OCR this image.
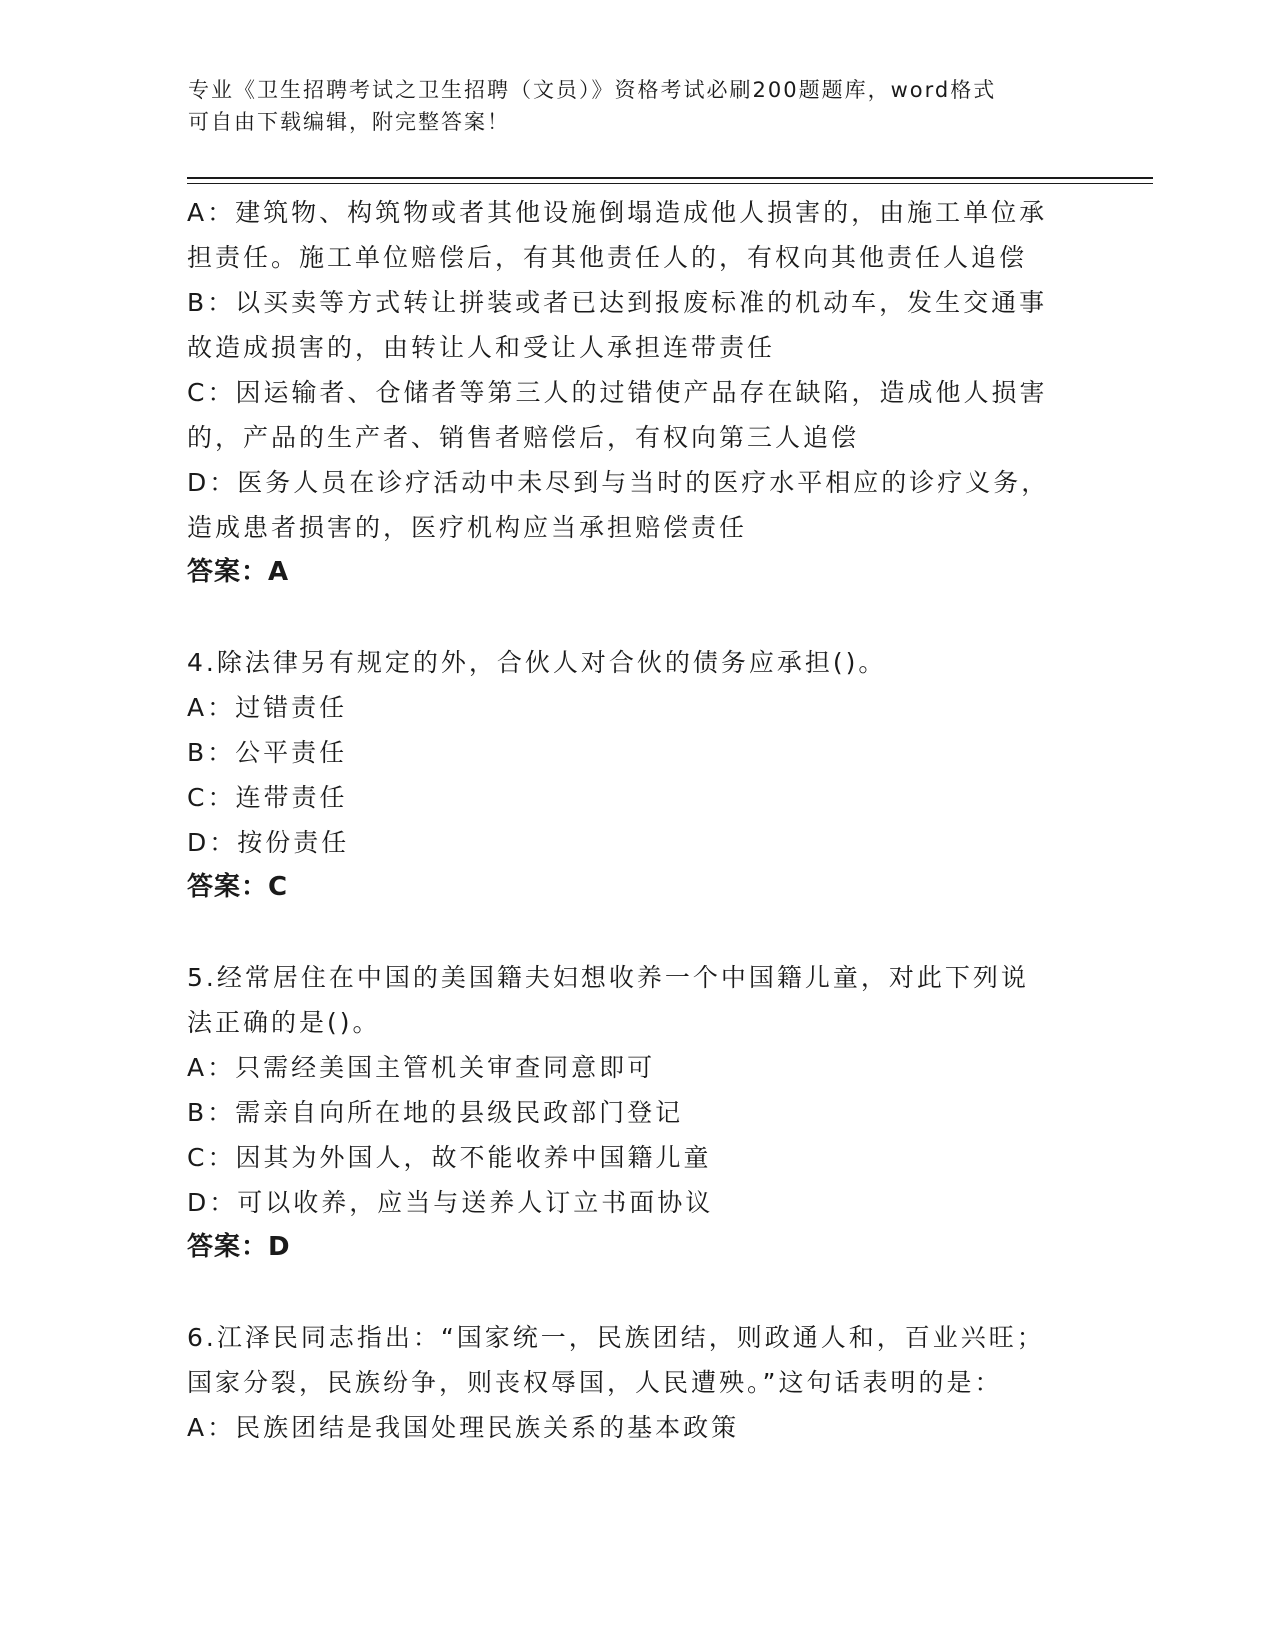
专业《卫生招聘考试之卫生招聘（文员）》资格考试必刷200题题库，word格式

可自由下载编辑，附完整答案！

A：建筑物、构筑物或者其他设施倒塌造成他人损害的，由施工单位承

担责任。施工单位赔偿后，有其他责任人的，有权向其他责任人追偿

B：以买卖等方式转让拼装或者已达到报废标准的机动车，发生交通事

故造成损害的，由转让人和受让人承担连带责任

C：因运输者、仓储者等第三人的过错使产品存在缺陷，造成他人损害

的，产品的生产者、销售者赔偿后，有权向第三人追偿

D：医务人员在诊疗活动中未尽到与当时的医疗水平相应的诊疗义务，

造成患者损害的，医疗机构应当承担赔偿责任

答案：A

4.除法律另有规定的外，合伙人对合伙的债务应承担()。

A：过错责任

B：公平责任

C：连带责任

D：按份责任

答案：C

5.经常居住在中国的美国籍夫妇想收养一个中国籍儿童，对此下列说

法正确的是()。

A：只需经美国主管机关审查同意即可

B：需亲自向所在地的县级民政部门登记

C：因其为外国人，故不能收养中国籍儿童

D：可以收养，应当与送养人订立书面协议

答案：D

6.江泽民同志指出：“国家统一，民族团结，则政通人和，百业兴旺；

国家分裂，民族纷争，则丧权辱国，人民遭殃。”这句话表明的是：

A：民族团结是我国处理民族关系的基本政策
